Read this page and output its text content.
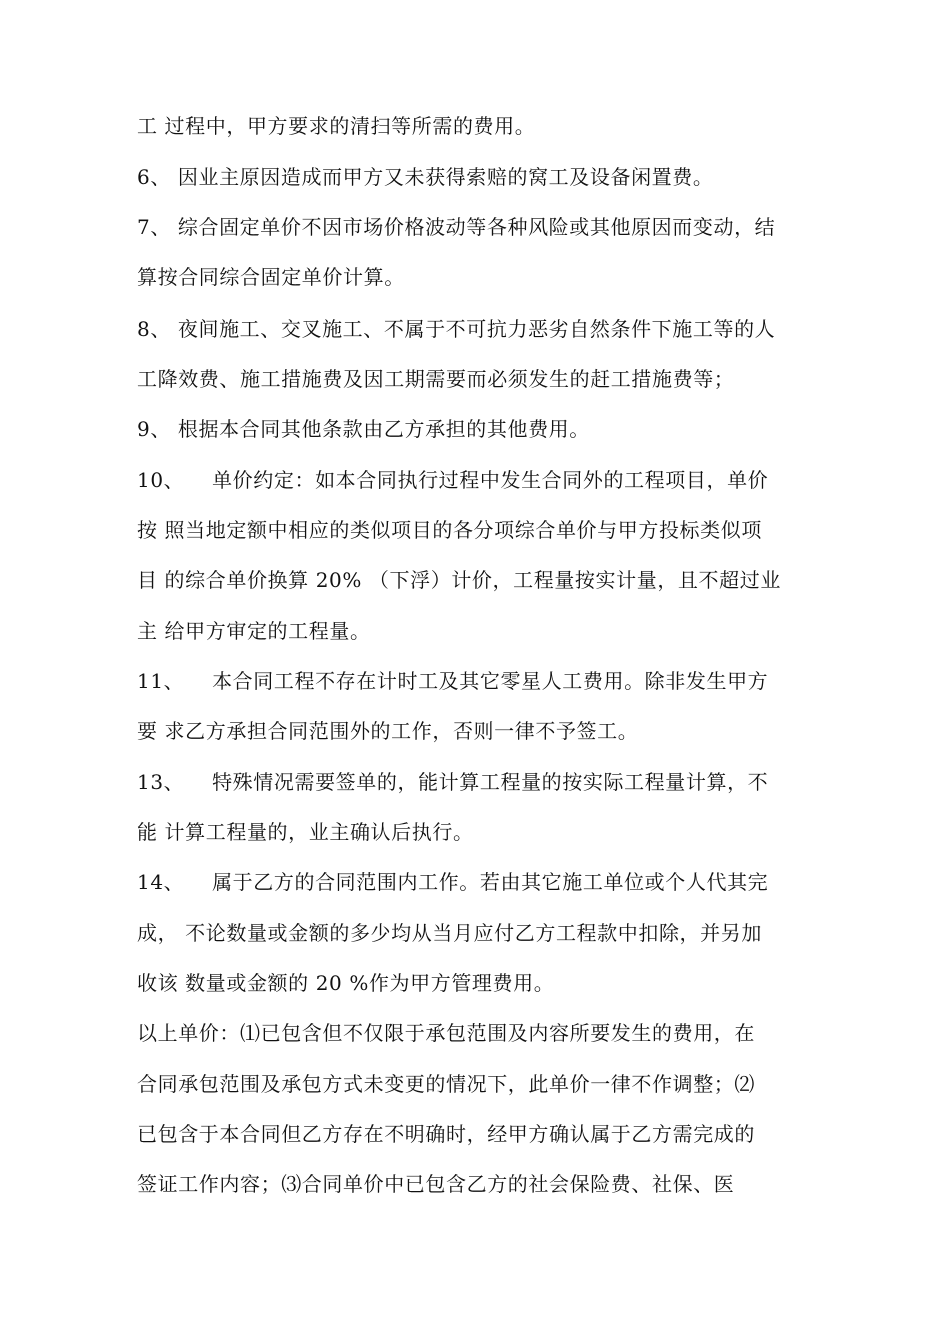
工 过程中，甲方要求的清扫等所需的费用。
6、 因业主原因造成而甲方又未获得索赔的窝工及设备闲置费。
7、 综合固定单价不因市场价格波动等各种风险或其他原因而变动，结
算按合同综合固定单价计算。
8、 夜间施工、交叉施工、不属于不可抗力恶劣自然条件下施工等的人
工降效费、施工措施费及因工期需要而必须发生的赶工措施费等；
9、 根据本合同其他条款由乙方承担的其他费用。
10、    单价约定：如本合同执行过程中发生合同外的工程项目，单价
按 照当地定额中相应的类似项目的各分项综合单价与甲方投标类似项
目 的综合单价换算 20% （下浮）计价，工程量按实计量，且不超过业
主 给甲方审定的工程量。
11、    本合同工程不存在计时工及其它零星人工费用。除非发生甲方
要 求乙方承担合同范围外的工作，否则一律不予签工。
13、    特殊情况需要签单的，能计算工程量的按实际工程量计算，不
能 计算工程量的，业主确认后执行。
14、    属于乙方的合同范围内工作。若由其它施工单位或个人代其完
成， 不论数量或金额的多少均从当月应付乙方工程款中扣除，并另加
收该 数量或金额的 20 %作为甲方管理费用。
以上单价：⑴已包含但不仅限于承包范围及内容所要发生的费用，在
合同承包范围及承包方式未变更的情况下，此单价一律不作调整；⑵
已包含于本合同但乙方存在不明确时，经甲方确认属于乙方需完成的
签证工作内容；⑶合同单价中已包含乙方的社会保险费、社保、医
